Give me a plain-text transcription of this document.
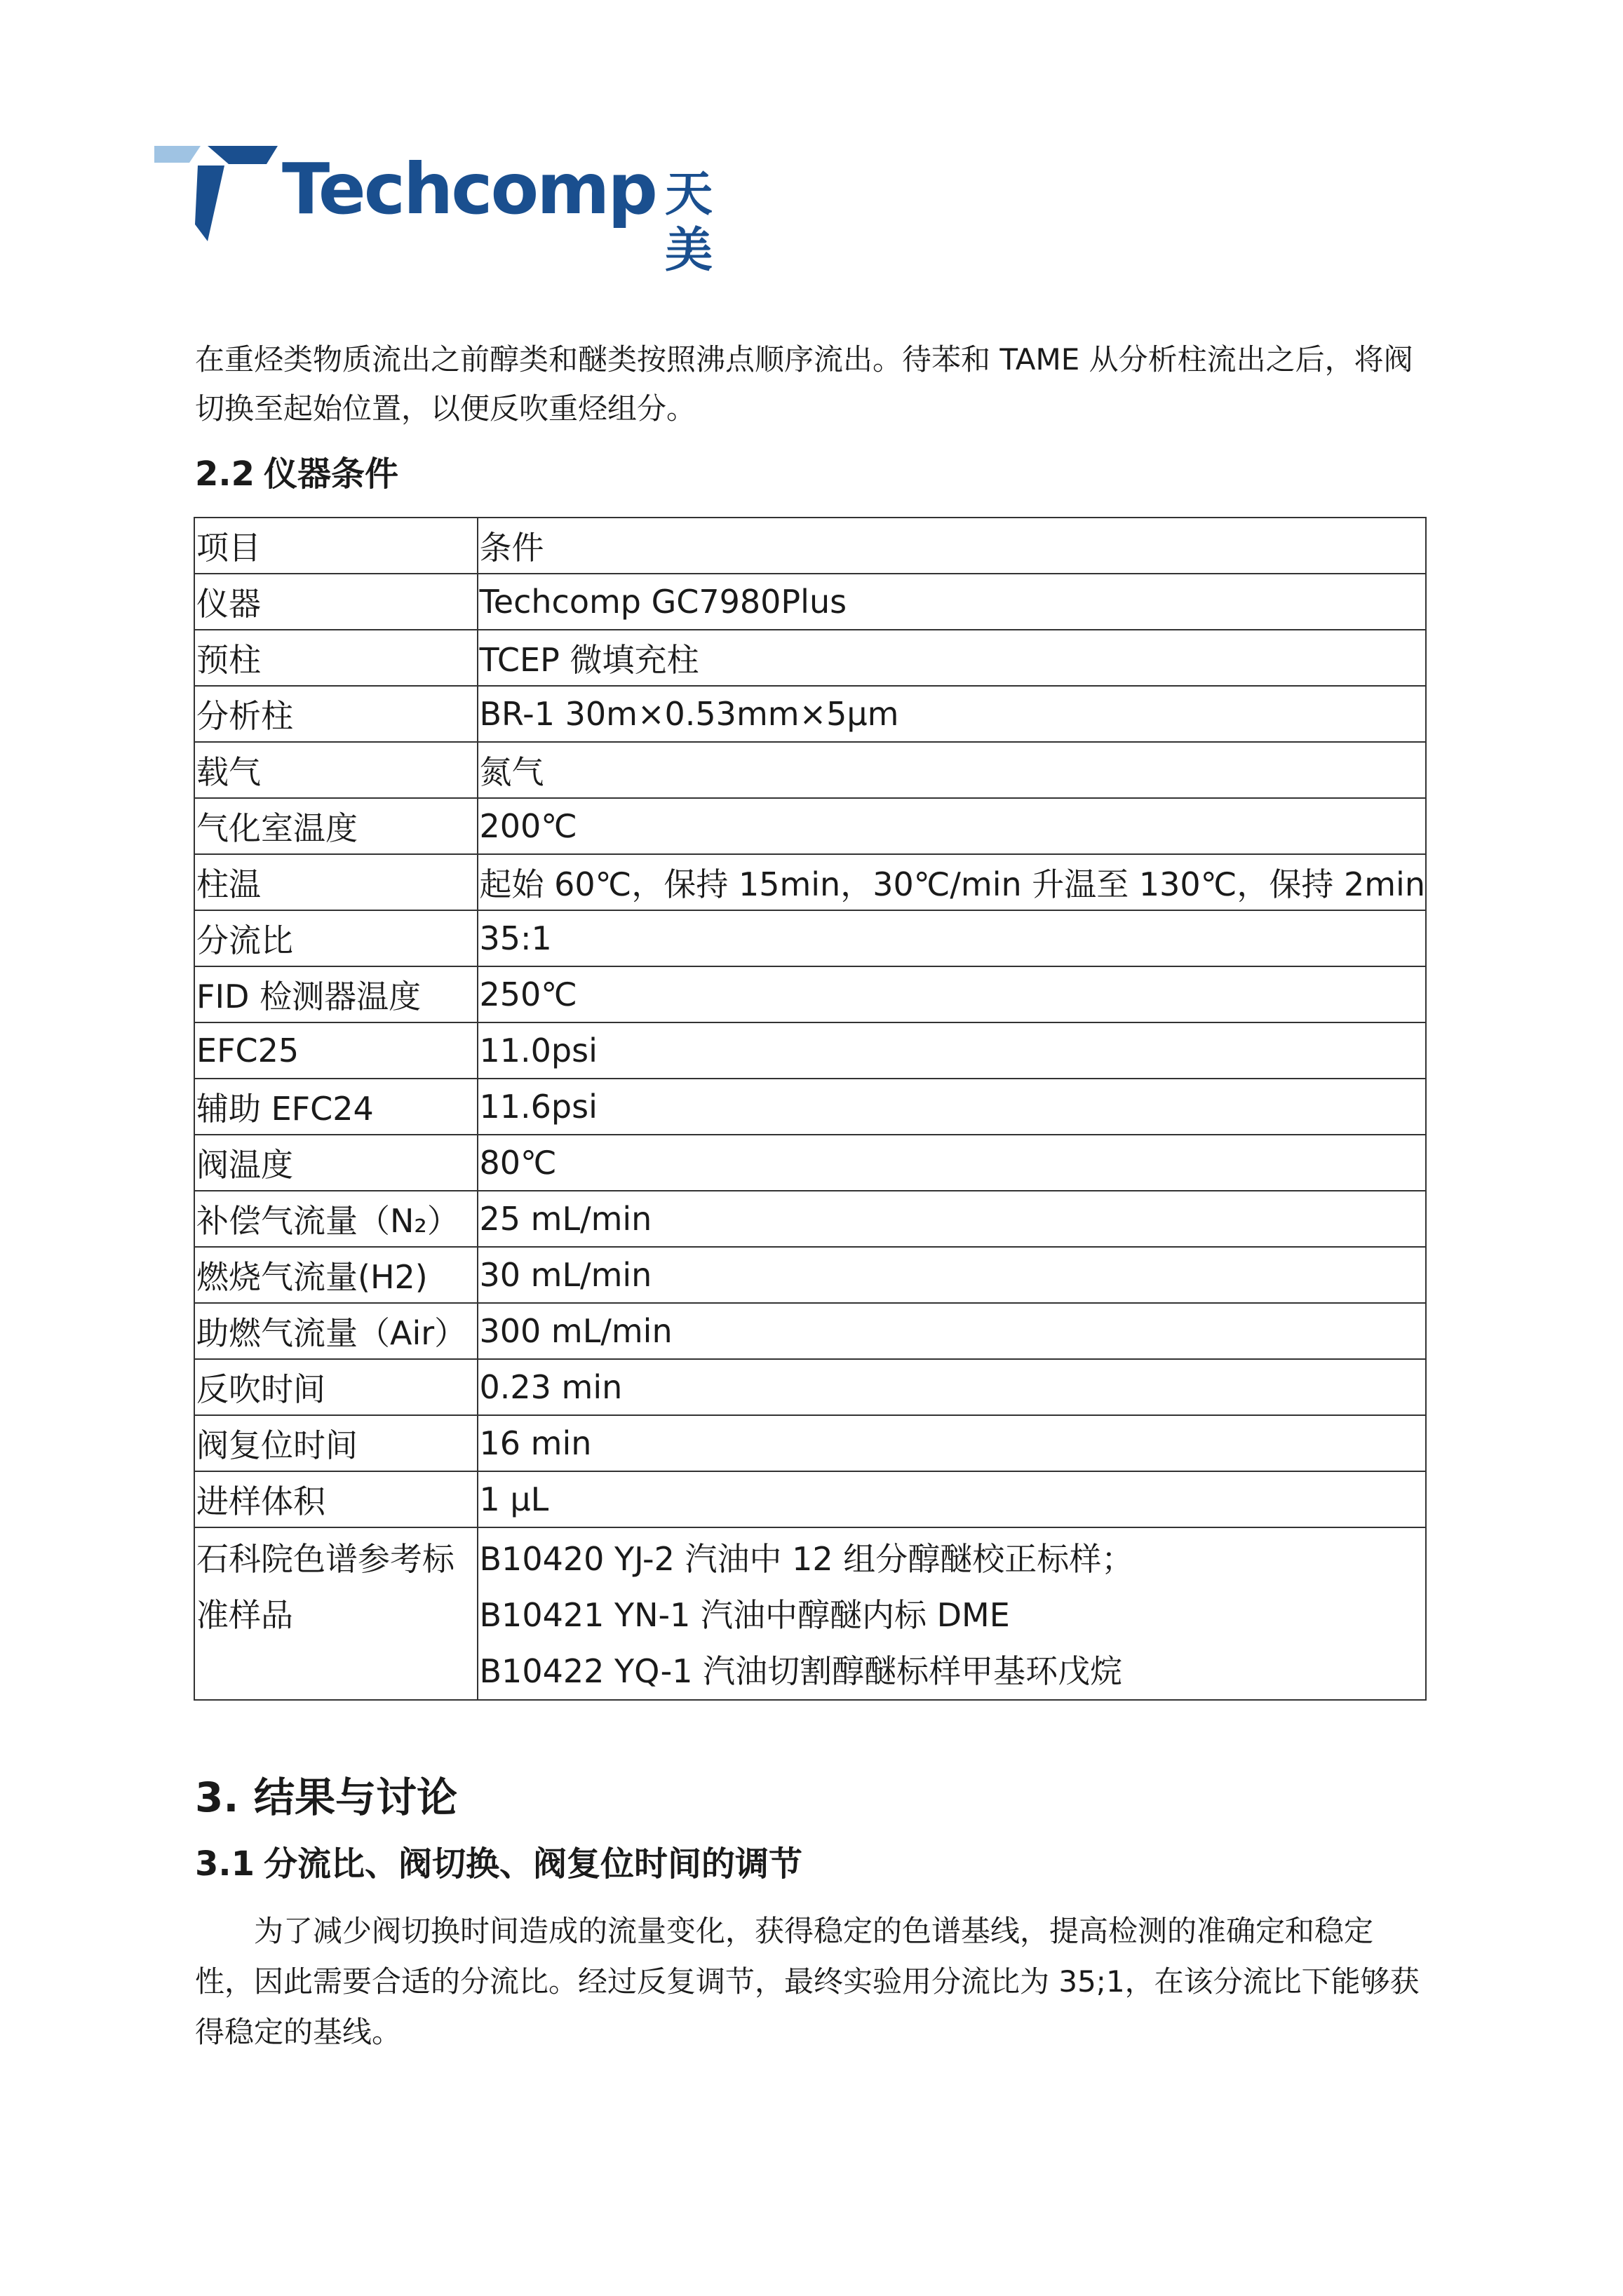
Techcomp 天美
在重烃类物质流出之前醇类和醚类按照沸点顺序流出。待苯和 TAME 从分析柱流出之后，将阀切换至起始位置，以便反吹重烃组分。
2.2 仪器条件
项目	条件
仪器	Techcomp GC7980Plus
预柱	TCEP 微填充柱
分析柱	BR-1 30m×0.53mm×5μm
载气	氮气
气化室温度	200℃
柱温	起始 60℃，保持 15min，30℃/min 升温至 130℃，保持 2min
分流比	35:1
FID 检测器温度	250℃
EFC25	11.0psi
辅助 EFC24	11.6psi
阀温度	80℃
补偿气流量（N₂）	25 mL/min
燃烧气流量(H2)	30 mL/min
助燃气流量（Air）	300 mL/min
反吹时间	0.23 min
阀复位时间	16 min
进样体积	1 μL

石科院色谱参考标
准样品	B10420 YJ-2 汽油中 12 组分醇醚校正标样；
B10421 YN-1 汽油中醇醚内标 DME
B10422 YQ-1 汽油切割醇醚标样甲基环戊烷
3. 结果与讨论
3.1 分流比、阀切换、阀复位时间的调节
为了减少阀切换时间造成的流量变化，获得稳定的色谱基线，提高检测的准确定和稳定性，因此需要合适的分流比。经过反复调节，最终实验用分流比为 35;1，在该分流比下能够获得稳定的基线。
